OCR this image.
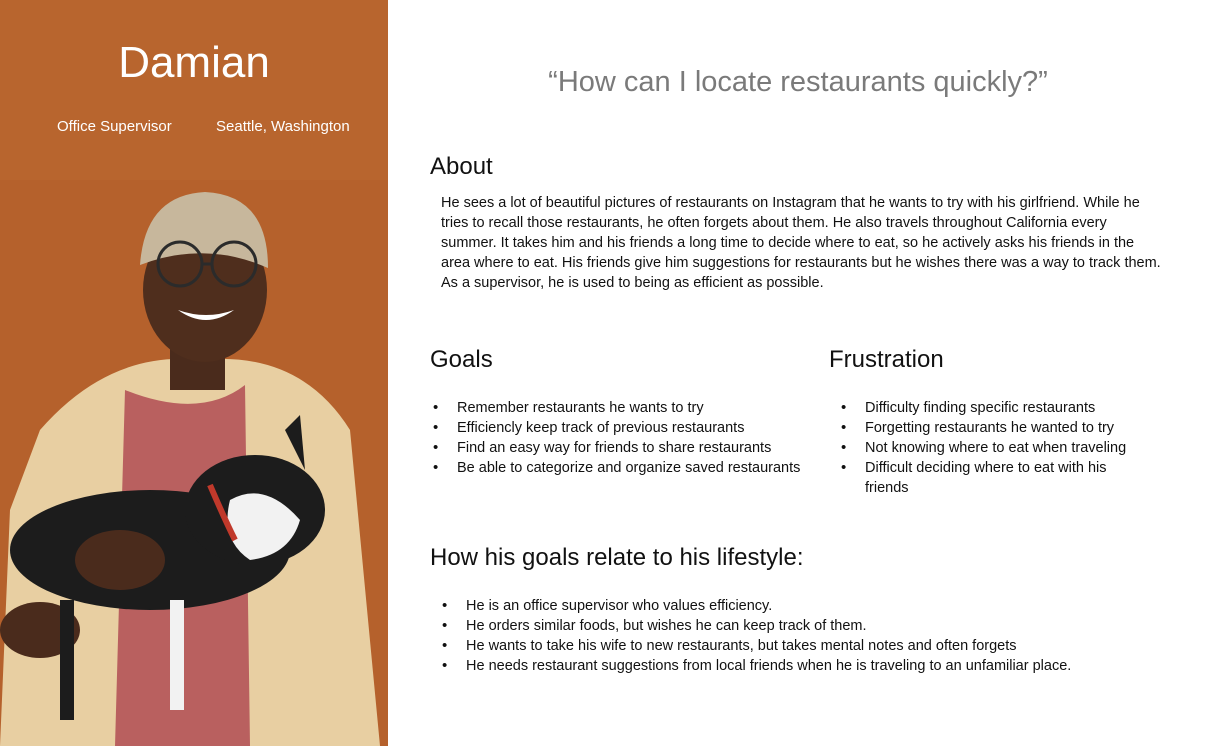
Damian
Office Supervisor	Seattle, Washington
“How can I locate restaurants quickly?”
About

He sees a lot of beautiful pictures of restaurants on Instagram that he wants to try with his girlfriend. While he tries to recall those restaurants, he often forgets about them. He also travels throughout California every summer. It takes him and his friends a long time to decide where to eat, so he actively asks his friends in the area where to eat. His friends give him suggestions for restaurants but he wishes there was a way to track them. As a supervisor, he is used to being as efficient as possible.

Goals
• Remember restaurants he wants to try
• Efficiencly keep track of previous restaurants
• Find an easy way for friends to share restaurants
• Be able to categorize and organize saved restaurants
Frustration
• Difficulty finding specific restaurants
• Forgetting restaurants he wanted to try
• Not knowing where to eat when traveling
• Difficult deciding where to eat with his friends
How his goals relate to his lifestyle:
• He is an office supervisor who values efficiency.
• He orders similar foods, but wishes he can keep track of them.
• He wants to take his wife to new restaurants, but takes mental notes and often forgets
• He needs restaurant suggestions from local friends when he is traveling to an unfamiliar place.
